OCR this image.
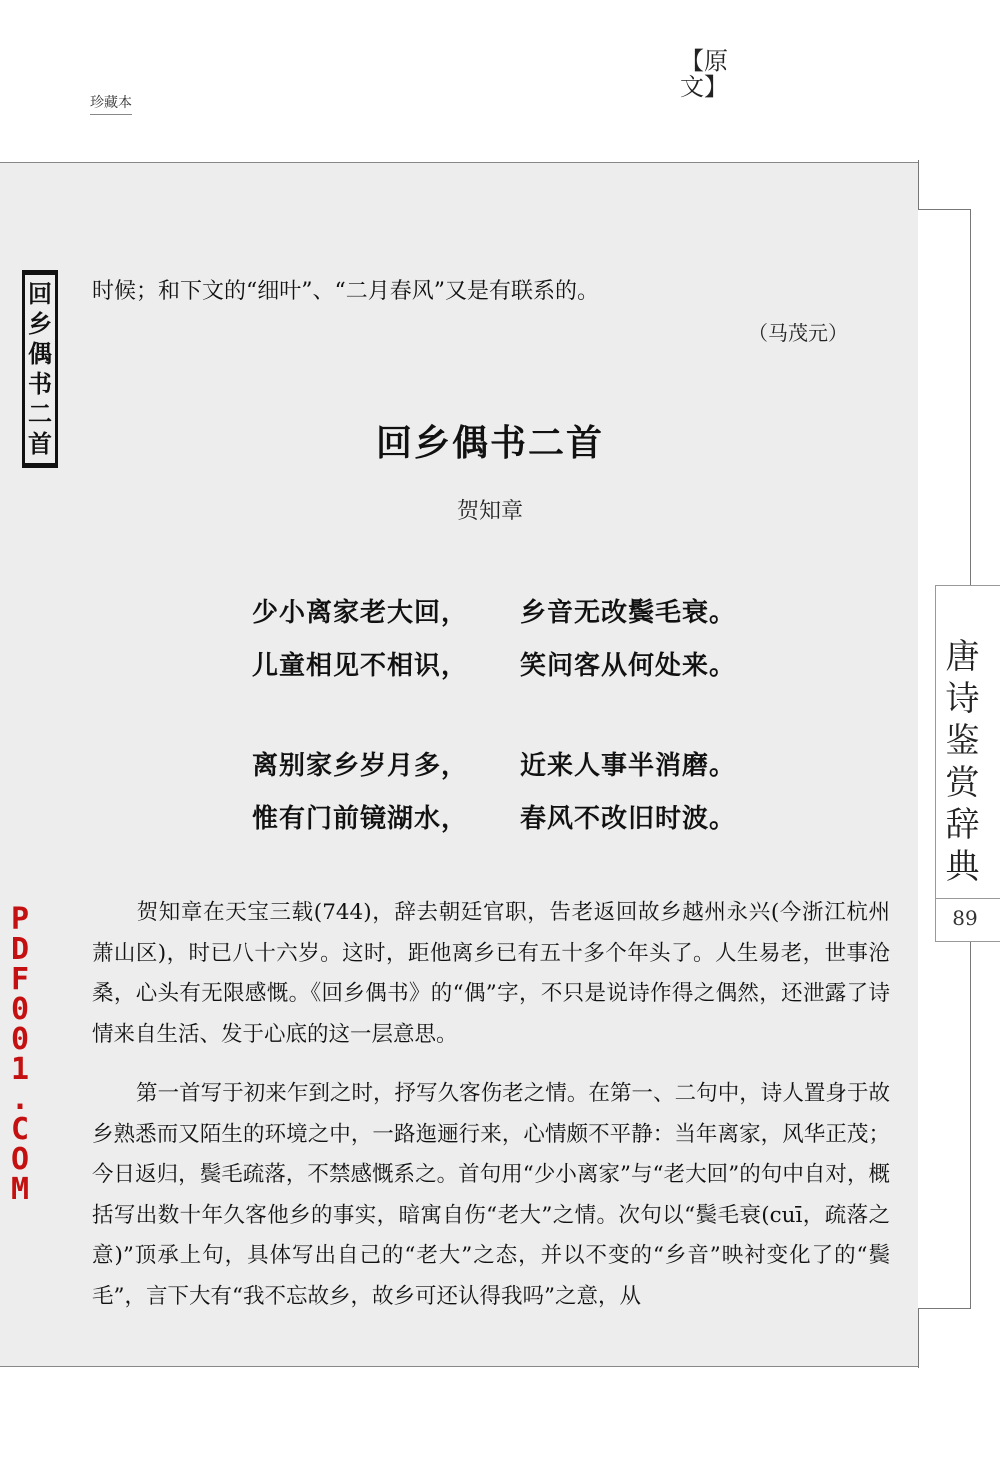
珍藏本
【原文】
唐诗鉴赏辞典
89
回
乡
偶
书
二
首
P
D
F
0
0
1
.
C
O
M
时候；和下文的“细叶”、“二月春风”又是有联系的。
（马茂元）
回乡偶书二首
贺知章
少小离家老大回， 乡音无改鬓毛衰。
儿童相见不相识， 笑问客从何处来。
离别家乡岁月多， 近来人事半消磨。
惟有门前镜湖水， 春风不改旧时波。

贺知章在天宝三载(744)，辞去朝廷官职，告老返回故乡越州永兴(今浙江杭州萧山区)，时已八十六岁。这时，距他离乡已有五十多个年头了。人生易老，世事沧桑，心头有无限感慨。《回乡偶书》的“偶”字，不只是说诗作得之偶然，还泄露了诗情来自生活、发于心底的这一层意思。

第一首写于初来乍到之时，抒写久客伤老之情。在第一、二句中，诗人置身于故乡熟悉而又陌生的环境之中，一路迤逦行来，心情颇不平静：当年离家，风华正茂；今日返归，鬓毛疏落，不禁感慨系之。首句用“少小离家”与“老大回”的句中自对，概括写出数十年久客他乡的事实，暗寓自伤“老大”之情。次句以“鬓毛衰(cuī，疏落之意)”顶承上句，具体写出自己的“老大”之态，并以不变的“乡音”映衬变化了的“鬓毛”，言下大有“我不忘故乡，故乡可还认得我吗”之意，从
